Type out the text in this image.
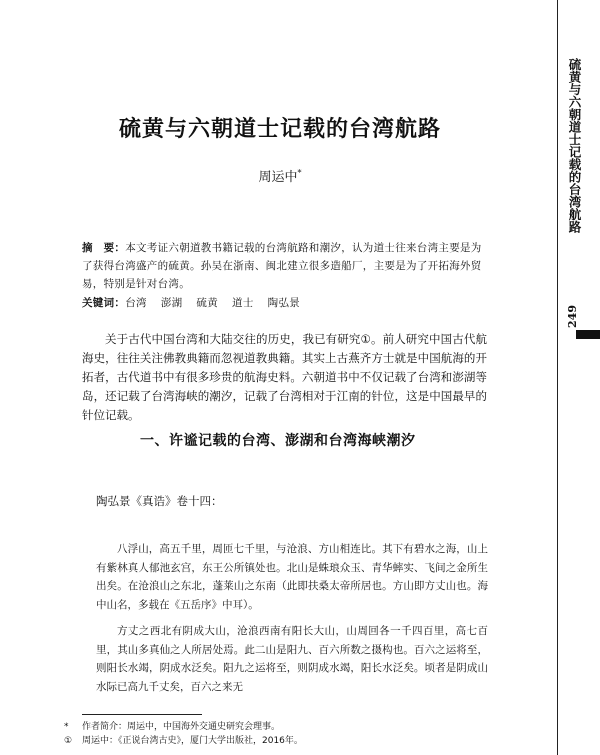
硫黄与六朝道士记载的台湾航路
249
硫黄与六朝道士记载的台湾航路
周运中*
摘　要：本文考证六朝道教书籍记载的台湾航路和潮汐，认为道士往来台湾主要是为了获得台湾盛产的硫黄。孙吴在浙南、闽北建立很多造船厂，主要是为了开拓海外贸易，特别是针对台湾。
关键词：台湾 澎湖 硫黄 道士 陶弘景

关于古代中国台湾和大陆交往的历史，我已有研究①。前人研究中国古代航海史，往往关注佛教典籍而忽视道教典籍。其实上古燕齐方士就是中国航海的开拓者，古代道书中有很多珍贵的航海史料。六朝道书中不仅记载了台湾和澎湖等岛，还记载了台湾海峡的潮汐，记载了台湾相对于江南的针位，这是中国最早的针位记载。

一、许谧记载的台湾、澎湖和台湾海峡潮汐
陶弘景《真诰》卷十四：

八浮山，高五千里，周匝七千里，与沧浪、方山相连比。其下有碧水之海，山上有紫林真人郁池玄宫，东王公所镇处也。北山是蛛琅众玉、青华蟀实、飞间之金所生出矣。在沧浪山之东北，蓬莱山之东南（此即扶桑太帝所居也。方山即方丈山也。海中山名，多载在《五岳序》中耳）。

方丈之西北有阴成大山，沧浪西南有阳长大山，山周回各一千四百里，高七百里，其山多真仙之人所居处焉。此二山是阳九、百六所数之摄构也。百六之运将至，则阳长水竭，阴成水泛矣。阳九之运将至，则阴成水竭，阳长水泛矣。顷者是阴成山水际已高九千丈矣，百六之来无

*	作者简介：周运中，中国海外交通史研究会理事。
①	周运中：《正说台湾古史》，厦门大学出版社，2016年。
